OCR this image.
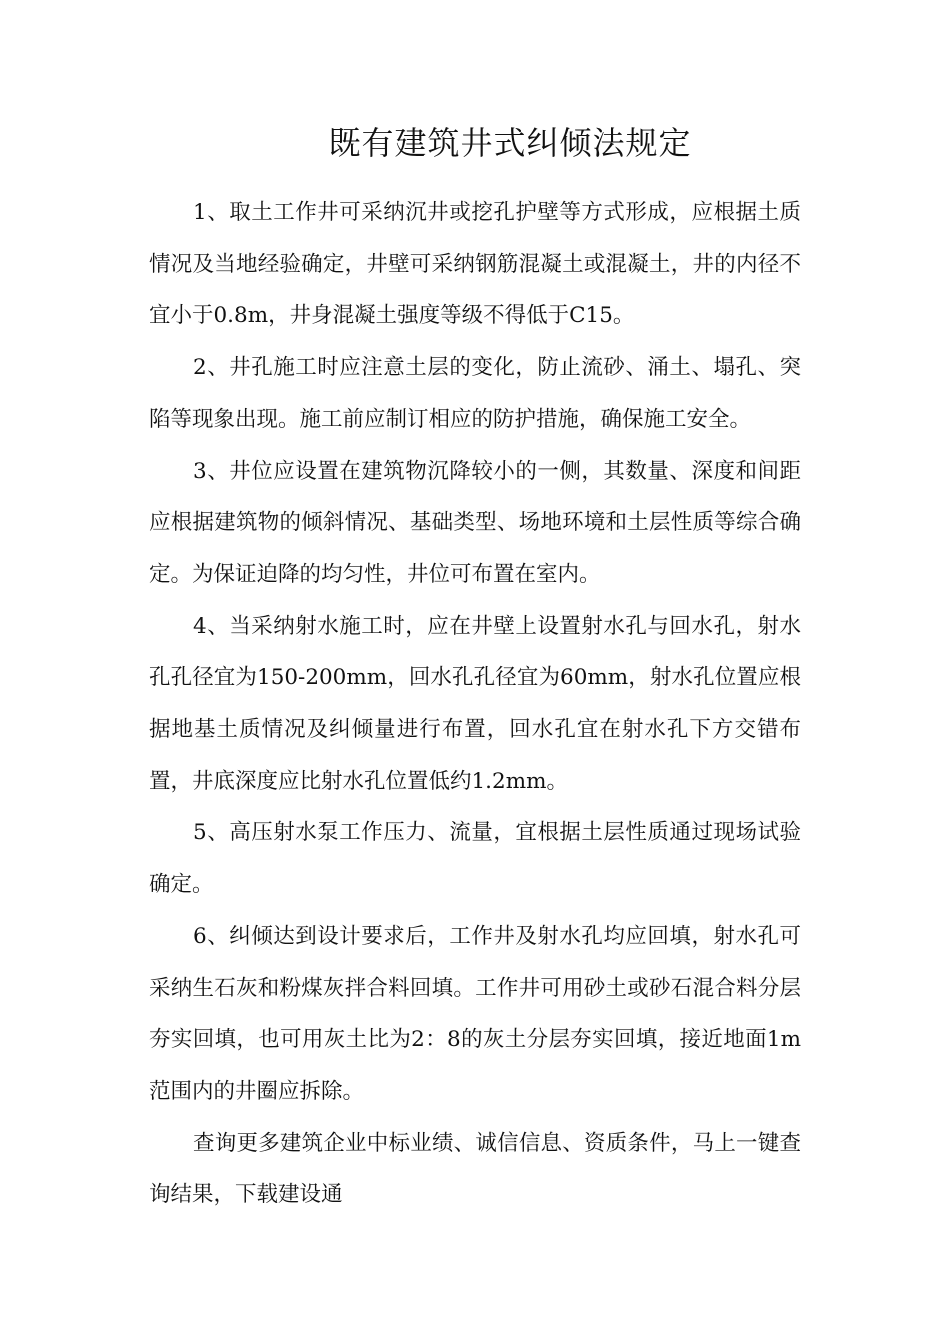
既有建筑井式纠倾法规定

1、取土工作井可采纳沉井或挖孔护壁等方式形成，应根据土质情况及当地经验确定，井壁可采纳钢筋混凝土或混凝土，井的内径不宜小于0.8m，井身混凝土强度等级不得低于C15。

2、井孔施工时应注意土层的变化，防止流砂、涌土、塌孔、突陷等现象出现。施工前应制订相应的防护措施，确保施工安全。

3、井位应设置在建筑物沉降较小的一侧，其数量、深度和间距应根据建筑物的倾斜情况、基础类型、场地环境和土层性质等综合确定。为保证迫降的均匀性，井位可布置在室内。

4、当采纳射水施工时，应在井壁上设置射水孔与回水孔，射水孔孔径宜为150-200mm，回水孔孔径宜为60mm，射水孔位置应根据地基土质情况及纠倾量进行布置，回水孔宜在射水孔下方交错布置，井底深度应比射水孔位置低约1.2mm。

5、高压射水泵工作压力、流量，宜根据土层性质通过现场试验确定。

6、纠倾达到设计要求后，工作井及射水孔均应回填，射水孔可采纳生石灰和粉煤灰拌合料回填。工作井可用砂土或砂石混合料分层夯实回填，也可用灰土比为2：8的灰土分层夯实回填，接近地面1m范围内的井圈应拆除。

查询更多建筑企业中标业绩、诚信信息、资质条件，马上一键查询结果，下载建设通
